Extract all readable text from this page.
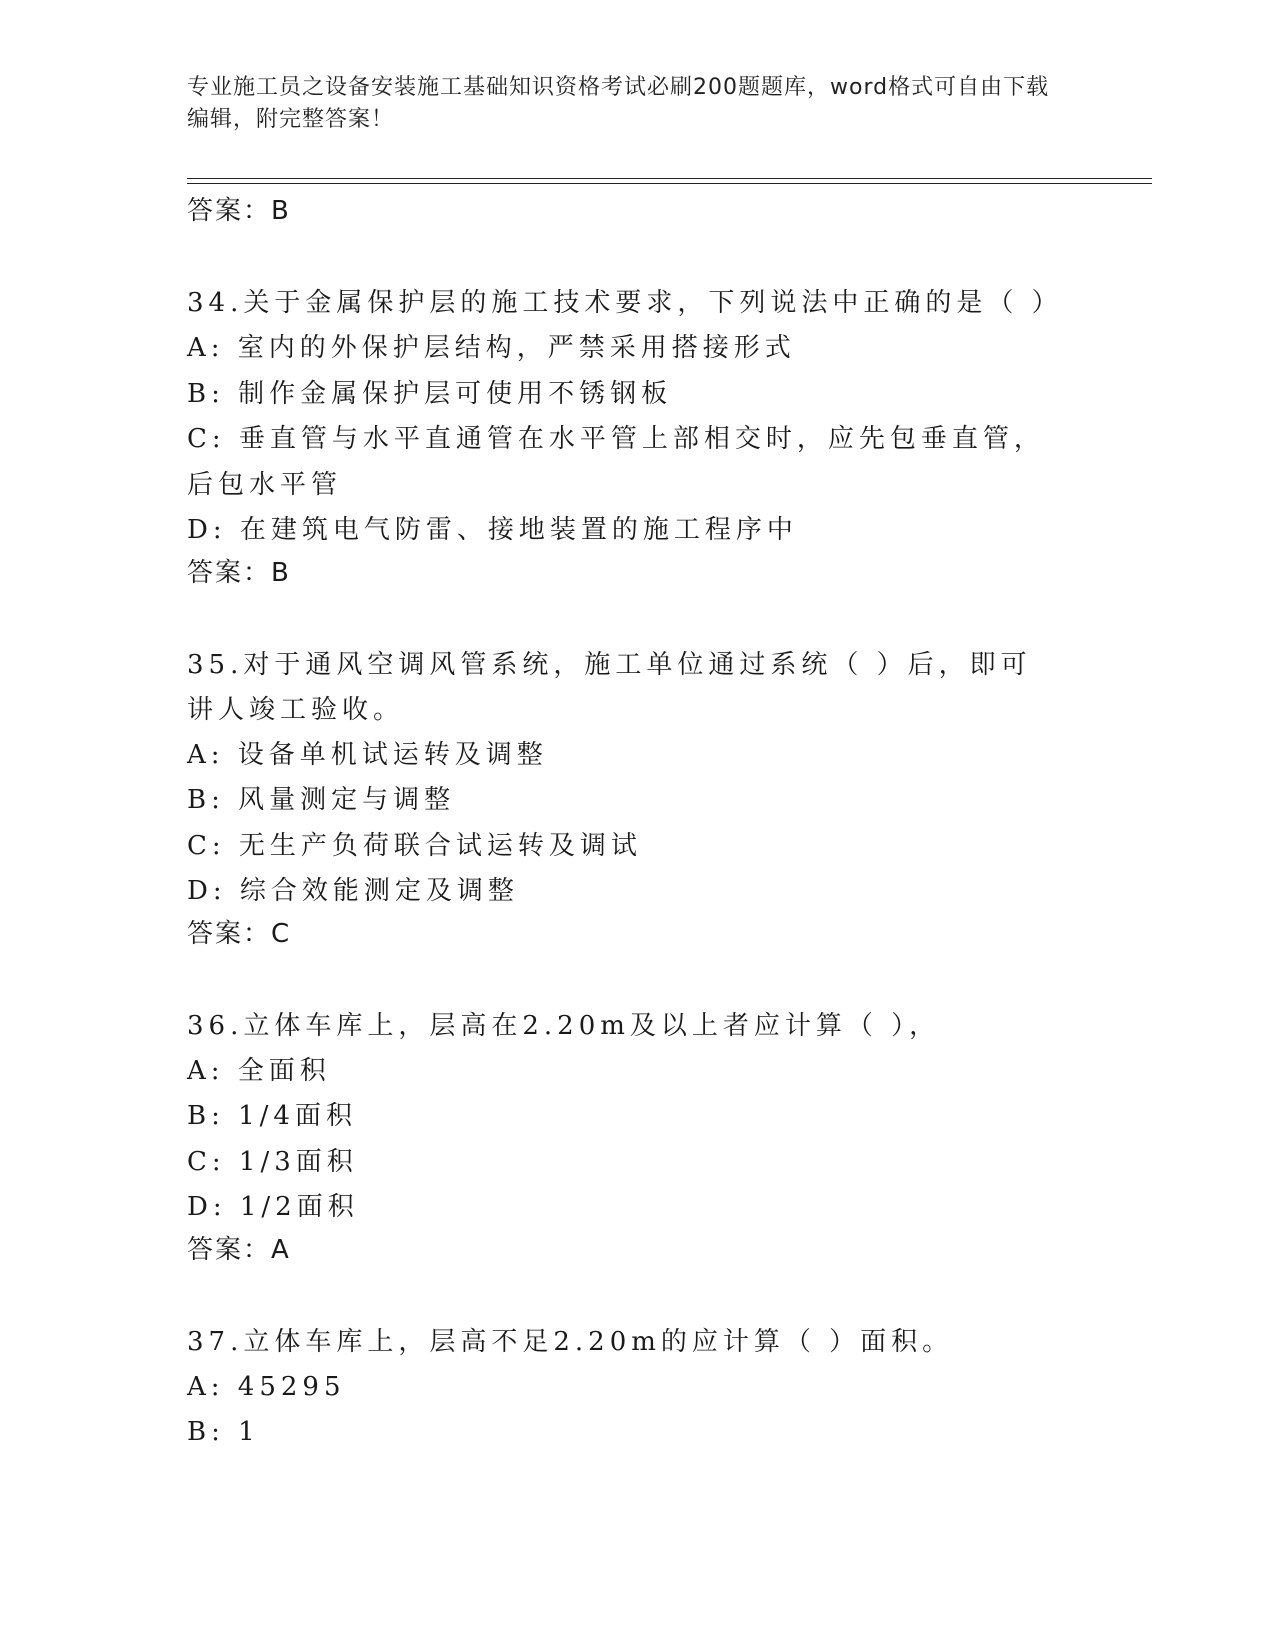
专业施工员之设备安装施工基础知识资格考试必刷200题题库，word格式可自由下载编辑，附完整答案！

答案：B

34.关于金属保护层的施工技术要求，下列说法中正确的是（ ）

A: 室内的外保护层结构，严禁采用搭接形式

B: 制作金属保护层可使用不锈钢板

C: 垂直管与水平直通管在水平管上部相交时，应先包垂直管，后包水平管

D: 在建筑电气防雷、接地装置的施工程序中

答案：B

35.对于通风空调风管系统，施工单位通过系统（ ）后，即可讲人竣工验收。

A: 设备单机试运转及调整

B: 风量测定与调整

C: 无生产负荷联合试运转及调试

D: 综合效能测定及调整

答案：C

36.立体车库上，层高在2.20m及以上者应计算（ ），

A: 全面积

B: 1/4面积

C: 1/3面积

D: 1/2面积

答案：A

37.立体车库上，层高不足2.20m的应计算（ ）面积。

A: 45295

B: 1
